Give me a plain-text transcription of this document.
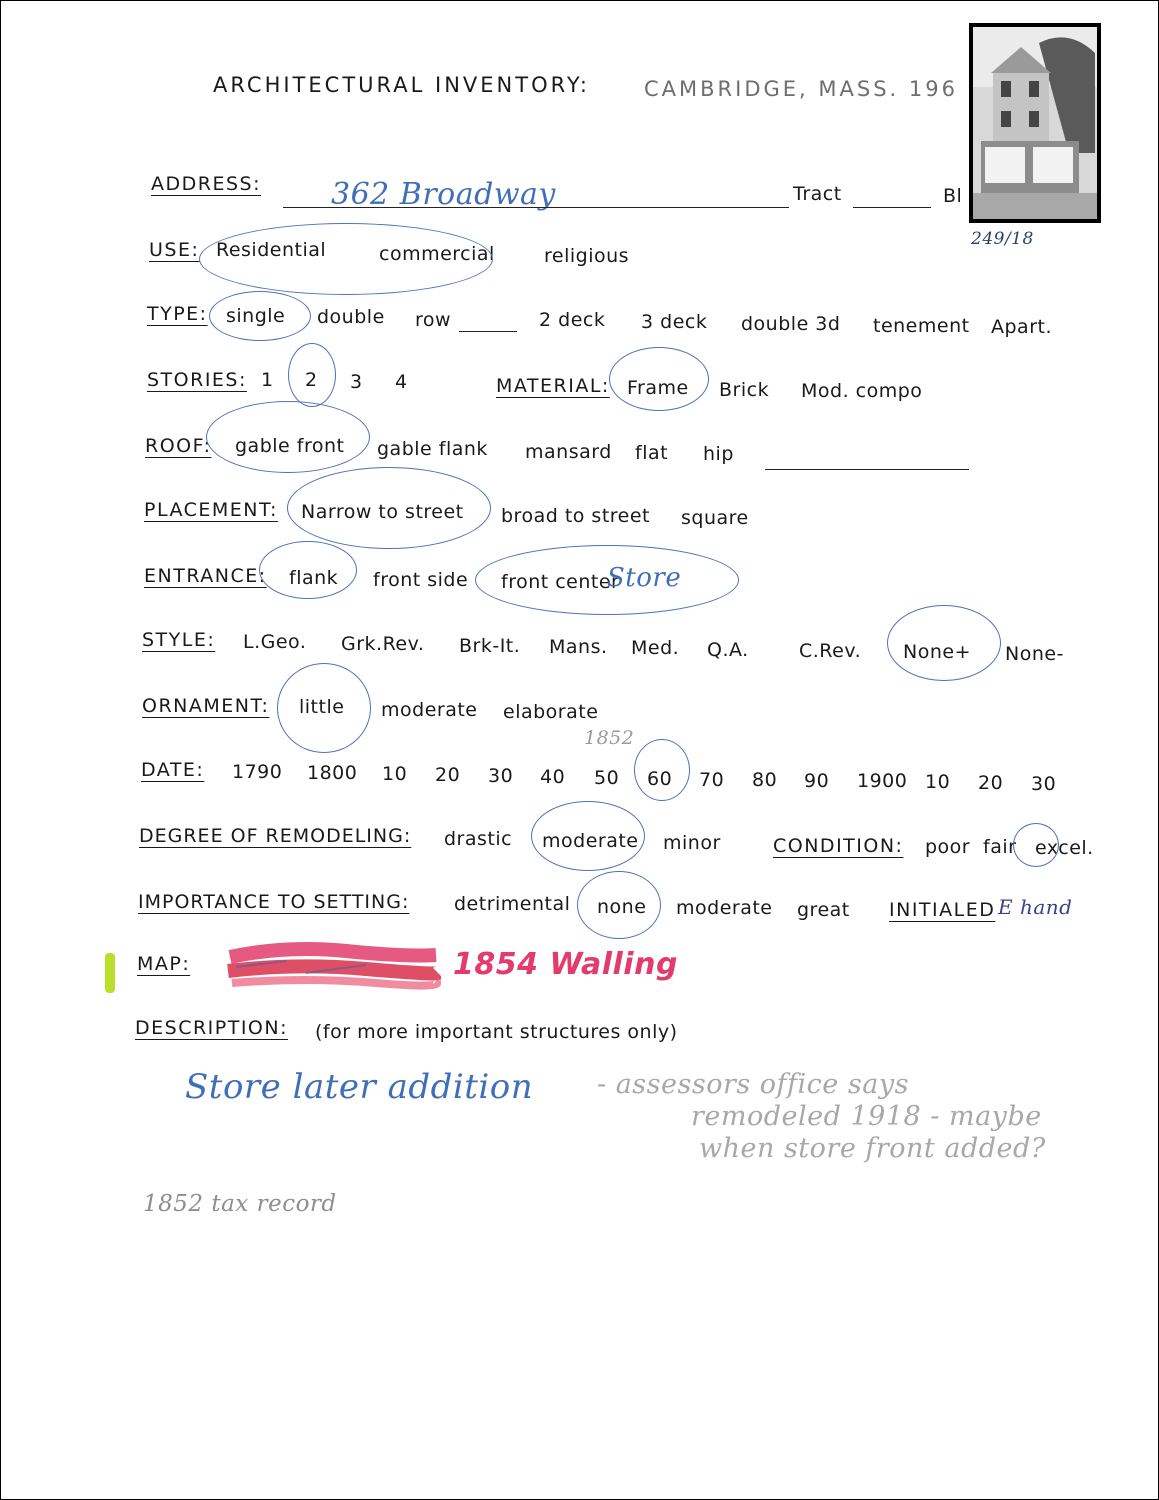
ARCHITECTURAL INVENTORY:	CAMBRIDGE, MASS. 196
249/18
ADDRESS: 362 Broadway	Tract	Bl
USE: Residential	commercial	religious
TYPE: single double row	2 deck 3 deck double 3d tenement Apart.
STORIES: 1 2 3 4	MATERIAL: Frame Brick Mod. compo
ROOF: gable front gable flank mansard flat hip
PLACEMENT: Narrow to street broad to street square
ENTRANCE: flank front side front center
Store
STYLE: L.Geo. Grk.Rev. Brk-It. Mans. Med. Q.A.	C.Rev. None+ None-
ORNAMENT: little moderate elaborate
1852
DATE: 1790 1800 10 20 30 40 50 60 70 80 90 1900 10 20 30
DEGREE OF REMODELING: drastic moderate minor	CONDITION: poor fair excel.
IMPORTANCE TO SETTING: detrimental none moderate great INITIALED E hand
MAP:	1854 Walling
DESCRIPTION: (for more important structures only)
Store later addition - assessors office says
remodeled 1918 - maybe
when store front added?
1852 tax record
